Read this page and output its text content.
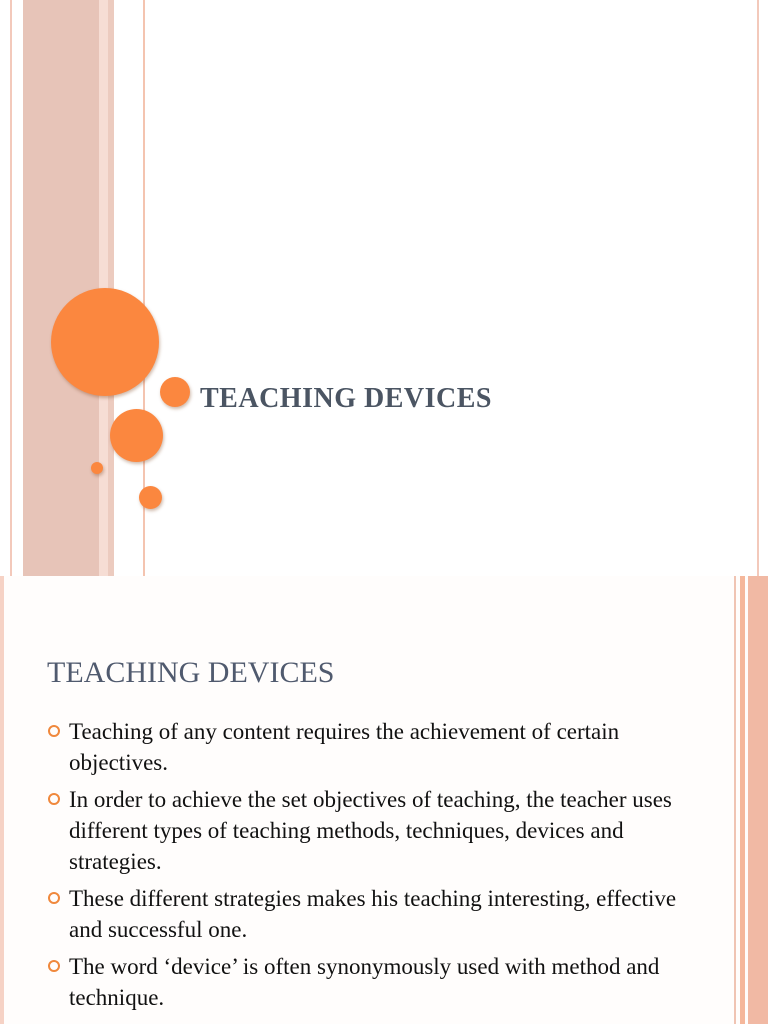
TEACHING DEVICES
TEACHING DEVICES
Teaching of any content requires the achievement of certain objectives.
In order to achieve the set objectives of teaching, the teacher uses different types of teaching methods, techniques, devices and strategies.
These different strategies makes his teaching interesting, effective and successful one.
The word ‘device’ is often synonymously used with method and technique.
